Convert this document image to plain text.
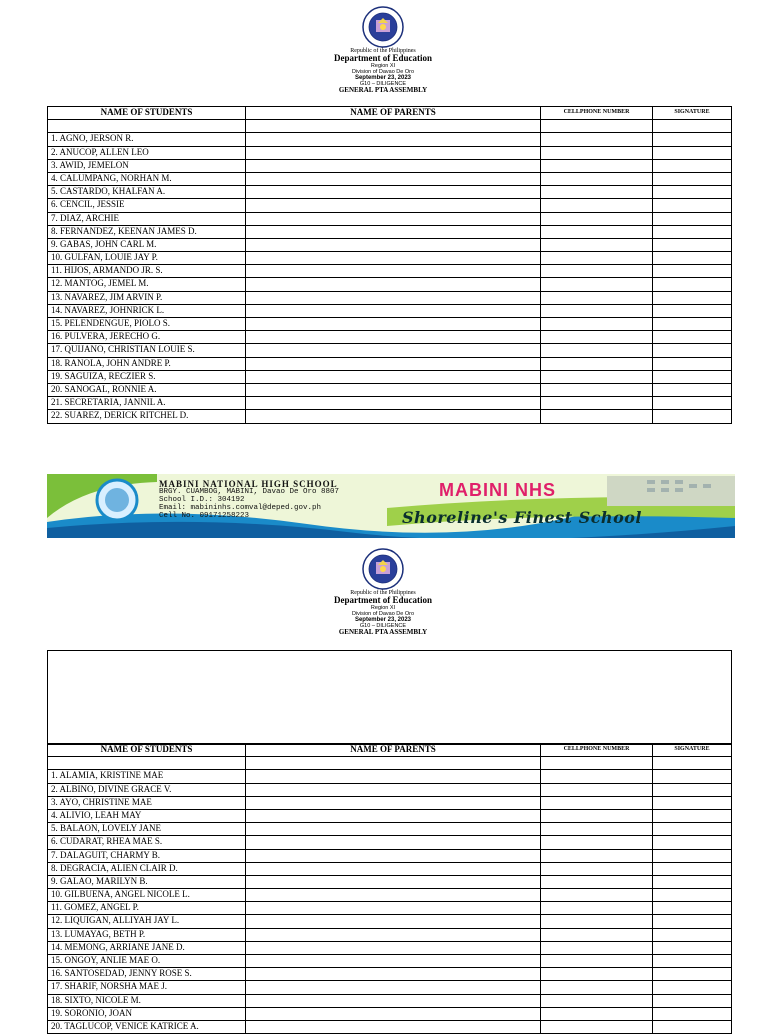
Republic of the Philippines
Department of Education
Region XI
Division of Davao De Oro
September 23, 2023
G10 – DILIGENCE
GENERAL PTA ASSEMBLY
NAME OF STUDENTS	NAME OF PARENTS	CELLPHONE NUMBER	SIGNATURE

1. AGNO, JERSON R.			
2. ANUCOP, ALLEN LEO			
3. AWID, JEMELON			
4. CALUMPANG, NORHAN M.			
5. CASTARDO, KHALFAN A.			
6. CENCIL, JESSIE			
7. DIAZ, ARCHIE			
8. FERNANDEZ, KEENAN JAMES D.			
9. GABAS, JOHN CARL M.			
10. GULFAN, LOUIE JAY P.			
11. HIJOS, ARMANDO JR. S.			
12. MANTOG, JEMEL M.			
13. NAVAREZ, JIM ARVIN P.			
14. NAVAREZ, JOHNRICK L.			
15. PELENDENGUE, PIOLO S.			
16. PULVERA, JERECHO G.			
17. QUIJANO, CHRISTIAN LOUIE S.			
18. RANOLA, JOHN ANDRE P.			
19. SAGUIZA, RECZIER S.			
20. SANOGAL, RONNIE A.			
21. SECRETARIA, JANNIL A.			
22. SUAREZ, DERICK RITCHEL D.			
MABINI NHS
MABINI NATIONAL HIGH SCHOOL
BRGY. CUAMBOG, MABINI, Davao De Oro 8807
School I.D.: 304192
Email: mabininhs.comval@deped.gov.ph
Cell No. 09171258223	Shoreline's Finest School
Republic of the Philippines
Department of Education
Region XI
Division of Davao De Oro
September 23, 2023
G10 – DILIGENCE
GENERAL PTA ASSEMBLY
NAME OF STUDENTS	NAME OF PARENTS	CELLPHONE NUMBER	SIGNATURE

1. ALAMIA, KRISTINE MAE			
2. ALBINO, DIVINE GRACE V.			
3. AYO, CHRISTINE MAE			
4. ALIVIO, LEAH MAY			
5. BALAON, LOVELY JANE			
6. CUDARAT, RHEA MAE S.			
7. DALAGUIT, CHARMY B.			
8. DEGRACIA, ALIEN CLAIR D.			
9. GALAO, MARILYN B.			
10. GILBUENA, ANGEL NICOLE L.			
11. GOMEZ, ANGEL P.			
12. LIQUIGAN, ALLIYAH JAY L.			
13. LUMAYAG, BETH P.			
14. MEMONG, ARRIANE JANE D.			
15. ONGOY, ANLIE MAE O.			
16. SANTOSEDAD, JENNY ROSE S.			
17. SHARIF, NORSHA MAE J.			
18. SIXTO, NICOLE M.			
19. SORONIO, JOAN			
20. TAGLUCOP, VENICE KATRICE A.			
